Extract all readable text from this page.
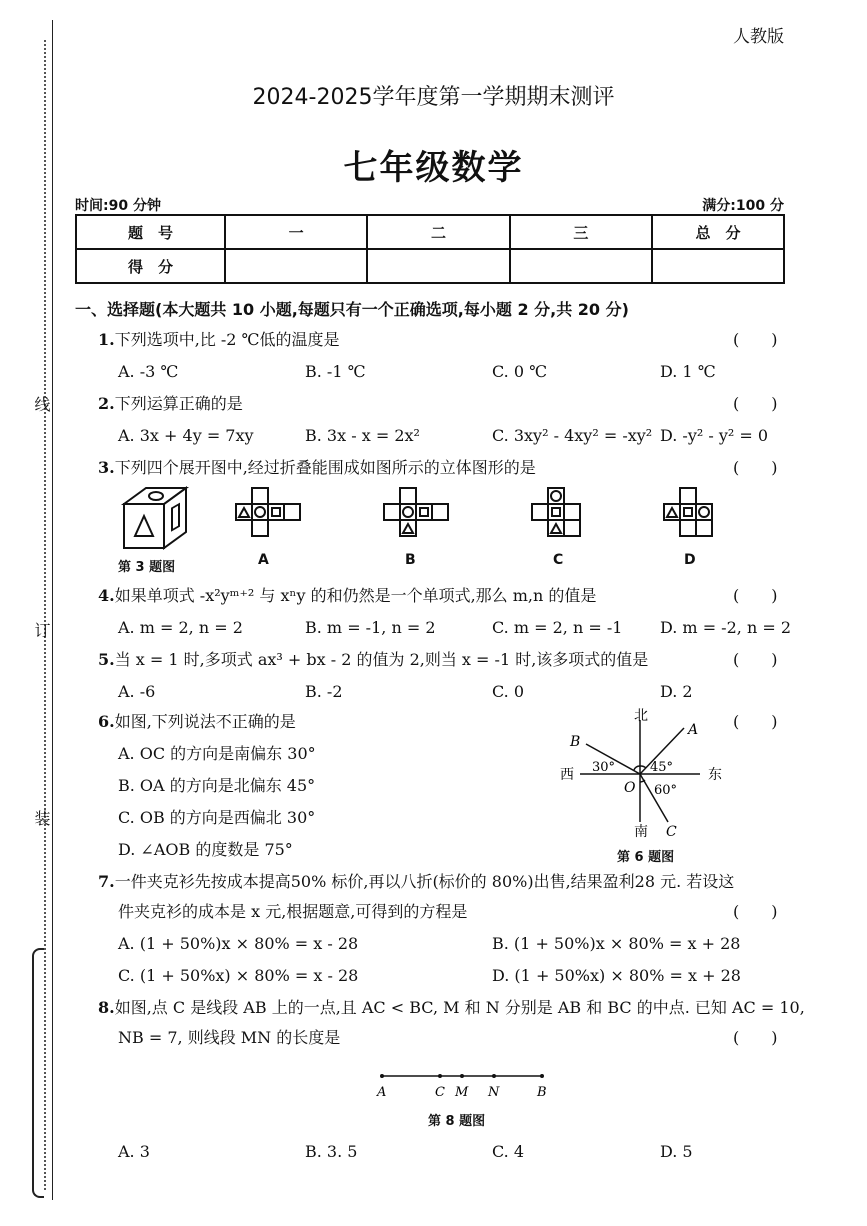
线
订
装
人教版
2024-2025学年度第一学期期末测评
七年级数学
时间:90 分钟	满分:100 分
题　号	一	二	三	总　分
得　分				
一、选择题(本大题共 10 小题,每题只有一个正确选项,每小题 2 分,共 20 分)
1.下列选项中,比 -2 ℃低的温度是	(　　)
A. -3 ℃	B. -1 ℃	C. 0 ℃	D. 1 ℃
2.下列运算正确的是	(　　)
A. 3x + 4y = 7xy	B. 3x - x = 2x²	C. 3xy² - 4xy² = -xy² D. -y² - y² = 0
3.下列四个展开图中,经过折叠能围成如图所示的立体图形的是	(　　)
第 3 题图	A	B	C	D
4.如果单项式 -x²yᵐ⁺² 与 xⁿy 的和仍然是一个单项式,那么 m,n 的值是	(　　)
A. m = 2, n = 2	B. m = -1, n = 2	C. m = 2, n = -1 D. m = -2, n = 2
5.当 x = 1 时,多项式 ax³ + bx - 2 的值为 2,则当 x = -1 时,该多项式的值是	(　　)
A. -6	B. -2	C. 0	D. 2
6.如图,下列说法不正确的是	(　　)
A. OC 的方向是南偏东 30°
B. OA 的方向是北偏东 45°
C. OB 的方向是西偏北 30°
D. ∠AOB 的度数是 75°
北
南
西	东
O
A
B
C
30°	45°
60°
第 6 题图
7.一件夹克衫先按成本提高50% 标价,再以八折(标价的 80%)出售,结果盈利28 元. 若设这
件夹克衫的成本是 x 元,根据题意,可得到的方程是	(　　)
A. (1 + 50%)x × 80% = x - 28	B. (1 + 50%)x × 80% = x + 28
C. (1 + 50%x) × 80% = x - 28	D. (1 + 50%x) × 80% = x + 28
8.如图,点 C 是线段 AB 上的一点,且 AC < BC, M 和 N 分别是 AB 和 BC 的中点. 已知 AC = 10,
NB = 7, 则线段 MN 的长度是	(　　)
A	C M N	B
第 8 题图
A. 3	B. 3. 5	C. 4	D. 5
